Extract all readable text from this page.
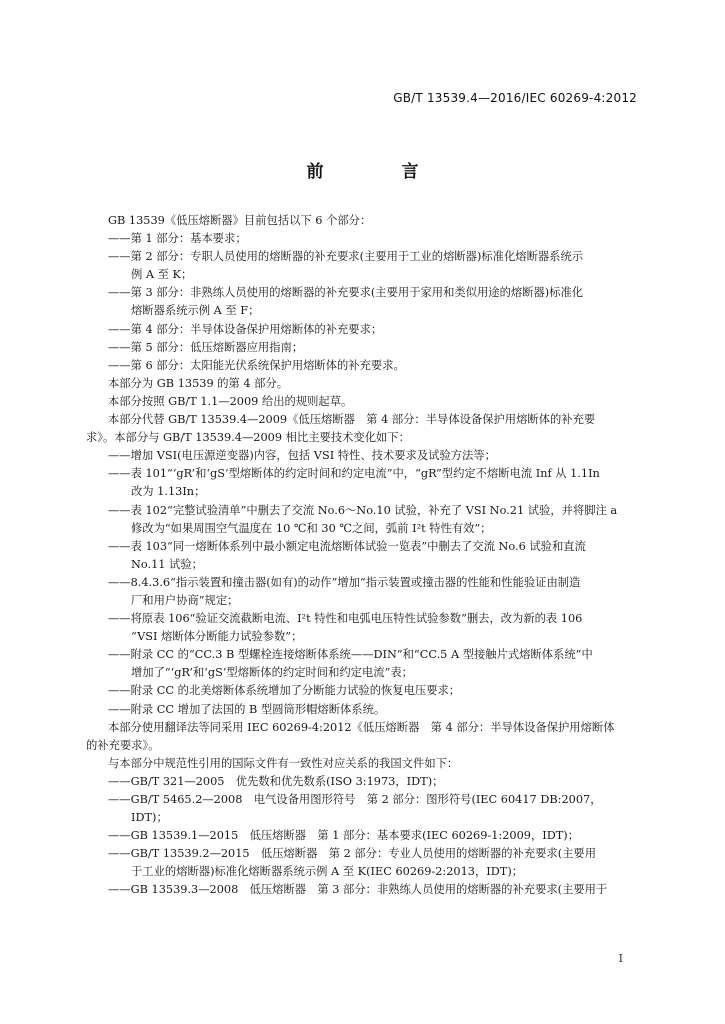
GB/T 13539.4—2016/IEC 60269-4:2012
前 言
GB 13539《低压熔断器》目前包括以下 6 个部分：
——第 1 部分：基本要求；
——第 2 部分：专职人员使用的熔断器的补充要求(主要用于工业的熔断器)标准化熔断器系统示
例 A 至 K；
——第 3 部分：非熟练人员使用的熔断器的补充要求(主要用于家用和类似用途的熔断器)标准化
熔断器系统示例 A 至 F；
——第 4 部分：半导体设备保护用熔断体的补充要求；
——第 5 部分：低压熔断器应用指南；
——第 6 部分：太阳能光伏系统保护用熔断体的补充要求。
本部分为 GB 13539 的第 4 部分。
本部分按照 GB/T 1.1—2009 给出的规则起草。
本部分代替 GB/T 13539.4—2009《低压熔断器　第 4 部分：半导体设备保护用熔断体的补充要
求》。本部分与 GB/T 13539.4—2009 相比主要技术变化如下：
——增加 VSI(电压源逆变器)内容，包括 VSI 特性、技术要求及试验方法等；
——表 101“‘gR’和‘gS’型熔断体的约定时间和约定电流”中，“gR”型约定不熔断电流 Inf 从 1.1In
改为 1.13In；
——表 102“完整试验清单”中删去了交流 No.6～No.10 试验，补充了 VSI No.21 试验，并将脚注 a
修改为“如果周围空气温度在 10 ℃和 30 ℃之间，弧前 I²t 特性有效”；
——表 103“同一熔断体系列中最小额定电流熔断体试验一览表”中删去了交流 No.6 试验和直流
No.11 试验；
——8.4.3.6“指示装置和撞击器(如有)的动作”增加“指示装置或撞击器的性能和性能验证由制造
厂和用户协商”规定；
——将原表 106“验证交流截断电流、I²t 特性和电弧电压特性试验参数”删去，改为新的表 106
“VSI 熔断体分断能力试验参数”；
——附录 CC 的“CC.3 B 型螺栓连接熔断体系统——DIN”和“CC.5 A 型接触片式熔断体系统”中
增加了“‘gR’和‘gS’型熔断体的约定时间和约定电流”表；
——附录 CC 的北美熔断体系统增加了分断能力试验的恢复电压要求；
——附录 CC 增加了法国的 B 型圆筒形帽熔断体系统。
本部分使用翻译法等同采用 IEC 60269-4:2012《低压熔断器　第 4 部分：半导体设备保护用熔断体
的补充要求》。
与本部分中规范性引用的国际文件有一致性对应关系的我国文件如下：
——GB/T 321—2005　优先数和优先数系(ISO 3:1973，IDT)；
——GB/T 5465.2—2008　电气设备用图形符号　第 2 部分：图形符号(IEC 60417 DB:2007，
IDT)；
——GB 13539.1—2015　低压熔断器　第 1 部分：基本要求(IEC 60269-1:2009，IDT)；
——GB/T 13539.2—2015　低压熔断器　第 2 部分：专业人员使用的熔断器的补充要求(主要用
于工业的熔断器)标准化熔断器系统示例 A 至 K(IEC 60269-2:2013，IDT)；
——GB 13539.3—2008　低压熔断器　第 3 部分：非熟练人员使用的熔断器的补充要求(主要用于
I
